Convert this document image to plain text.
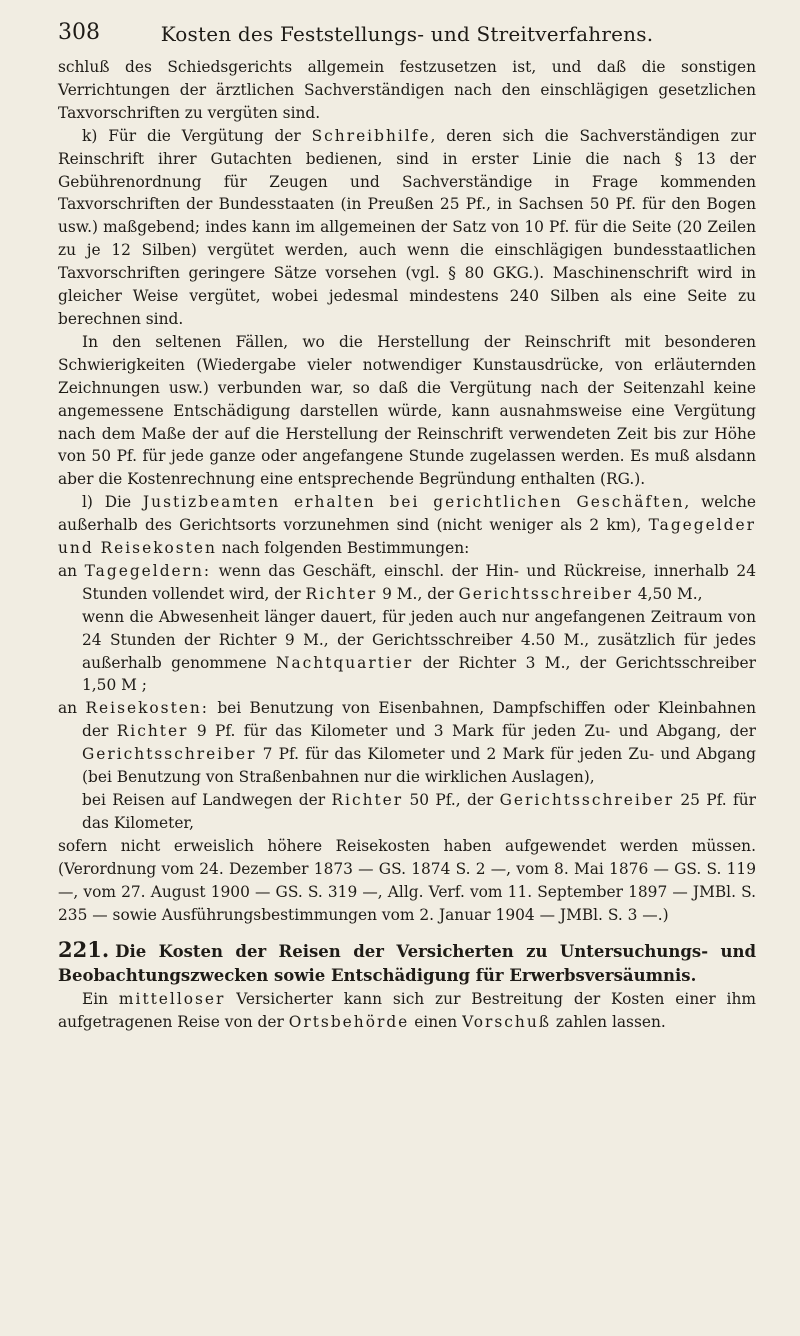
308	Kosten des Feststellungs- und Streitverfahrens.

schluß des Schiedsgerichts allgemein festzusetzen ist, und daß die sonstigen Verrichtungen der ärztlichen Sachverständigen nach den einschlägigen gesetzlichen Taxvorschriften zu vergüten sind.

k) Für die Vergütung der Schreibhilfe, deren sich die Sachverständigen zur Reinschrift ihrer Gutachten bedienen, sind in erster Linie die nach § 13 der Gebührenordnung für Zeugen und Sachverständige in Frage kommenden Taxvorschriften der Bundesstaaten (in Preußen 25 Pf., in Sachsen 50 Pf. für den Bogen usw.) maßgebend; indes kann im allgemeinen der Satz von 10 Pf. für die Seite (20 Zeilen zu je 12 Silben) vergütet werden, auch wenn die einschlägigen bundesstaatlichen Taxvorschriften geringere Sätze vorsehen (vgl. § 80 GKG.). Maschinenschrift wird in gleicher Weise vergütet, wobei jedesmal mindestens 240 Silben als eine Seite zu berechnen sind.

In den seltenen Fällen, wo die Herstellung der Reinschrift mit besonderen Schwierigkeiten (Wiedergabe vieler notwendiger Kunstausdrücke, von erläuternden Zeichnungen usw.) verbunden war, so daß die Vergütung nach der Seitenzahl keine angemessene Entschädigung darstellen würde, kann ausnahmsweise eine Vergütung nach dem Maße der auf die Herstellung der Reinschrift verwendeten Zeit bis zur Höhe von 50 Pf. für jede ganze oder angefangene Stunde zugelassen werden. Es muß alsdann aber die Kostenrechnung eine entsprechende Begründung enthalten (RG.).

l) Die Justizbeamten erhalten bei gerichtlichen Geschäften, welche außerhalb des Gerichtsorts vorzunehmen sind (nicht weniger als 2 km), Tagegelder und Reisekosten nach folgenden Bestimmungen:

an Tagegeldern: wenn das Geschäft, einschl. der Hin- und Rückreise, innerhalb 24 Stunden vollendet wird, der Richter 9 M., der Gerichtsschreiber 4,50 M.,

wenn die Abwesenheit länger dauert, für jeden auch nur angefangenen Zeitraum von 24 Stunden der Richter 9 M., der Gerichtsschreiber 4.50 M., zusätzlich für jedes außerhalb genommene Nachtquartier der Richter 3 M., der Gerichtsschreiber 1,50 M ;

an Reisekosten: bei Benutzung von Eisenbahnen, Dampfschiffen oder Kleinbahnen der Richter 9 Pf. für das Kilometer und 3 Mark für jeden Zu- und Abgang, der Gerichtsschreiber 7 Pf. für das Kilometer und 2 Mark für jeden Zu- und Abgang (bei Benutzung von Straßenbahnen nur die wirklichen Auslagen),

bei Reisen auf Landwegen der Richter 50 Pf., der Gerichtsschreiber 25 Pf. für das Kilometer,

sofern nicht erweislich höhere Reisekosten haben aufgewendet werden müssen. (Verordnung vom 24. Dezember 1873 — GS. 1874 S. 2 —, vom 8. Mai 1876 — GS. S. 119 —, vom 27. August 1900 — GS. S. 319 —, Allg. Verf. vom 11. September 1897 — JMBl. S. 235 — sowie Ausführungsbestimmungen vom 2. Januar 1904 — JMBl. S. 3 —.)

221. Die Kosten der Reisen der Versicherten zu Untersuchungs- und Beobachtungszwecken sowie Entschädigung für Erwerbsversäumnis.

Ein mittelloser Versicherter kann sich zur Bestreitung der Kosten einer ihm aufgetragenen Reise von der Ortsbehörde einen Vorschuß zahlen lassen.
